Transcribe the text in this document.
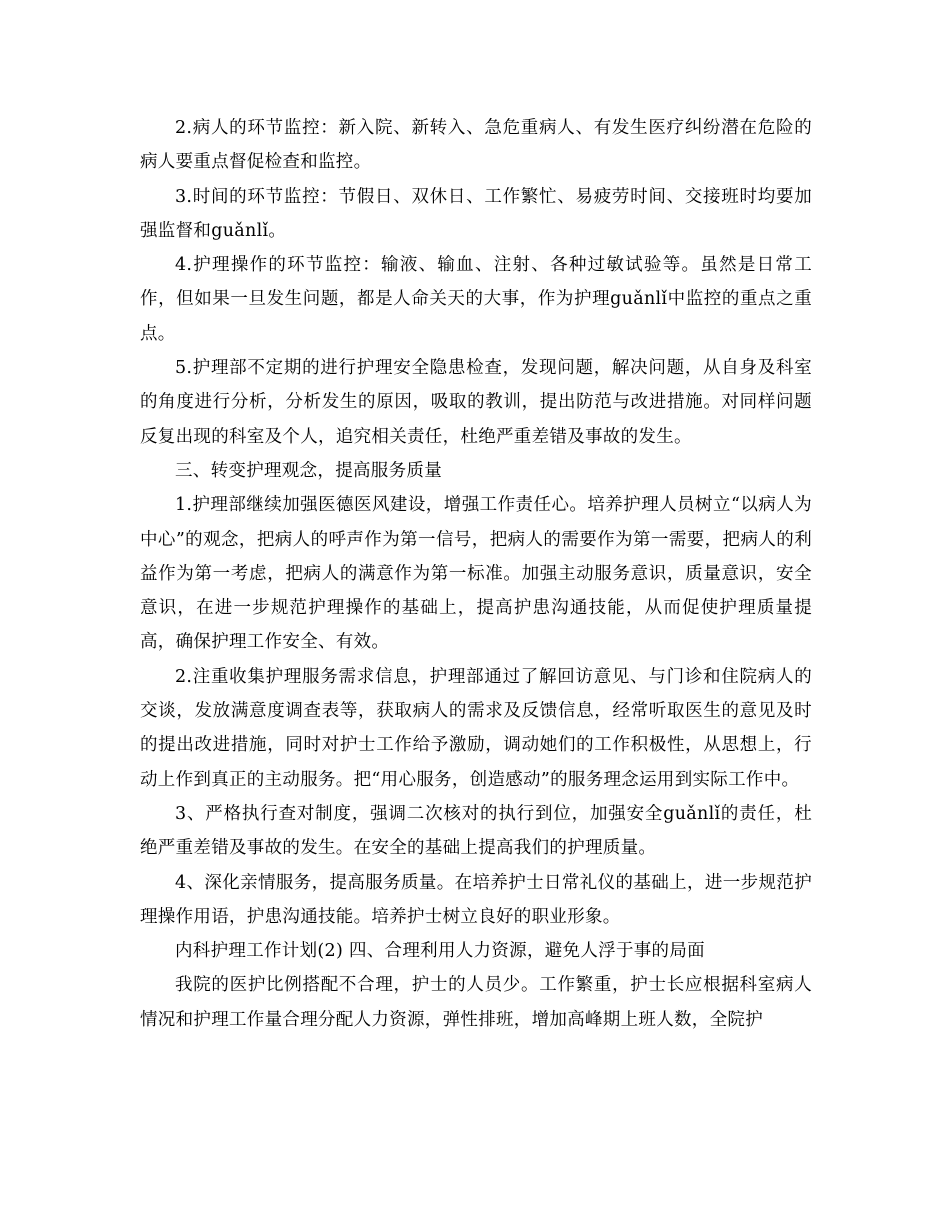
2.病人的环节监控：新入院、新转入、急危重病人、有发生医疗纠纷潜在危险的病人要重点督促检查和监控。

3.时间的环节监控：节假日、双休日、工作繁忙、易疲劳时间、交接班时均要加强监督和guǎnlǐ。

4.护理操作的环节监控：输液、输血、注射、各种过敏试验等。虽然是日常工作，但如果一旦发生问题，都是人命关天的大事，作为护理guǎnlǐ中监控的重点之重点。

5.护理部不定期的进行护理安全隐患检查，发现问题，解决问题，从自身及科室的角度进行分析，分析发生的原因，吸取的教训，提出防范与改进措施。对同样问题反复出现的科室及个人，追究相关责任，杜绝严重差错及事故的发生。

三、转变护理观念，提高服务质量

1.护理部继续加强医德医风建设，增强工作责任心。培养护理人员树立“以病人为中心”的观念，把病人的呼声作为第一信号，把病人的需要作为第一需要，把病人的利益作为第一考虑，把病人的满意作为第一标准。加强主动服务意识，质量意识，安全意识，在进一步规范护理操作的基础上，提高护患沟通技能，从而促使护理质量提高，确保护理工作安全、有效。

2.注重收集护理服务需求信息，护理部通过了解回访意见、与门诊和住院病人的交谈，发放满意度调查表等，获取病人的需求及反馈信息，经常听取医生的意见及时的提出改进措施，同时对护士工作给予激励，调动她们的工作积极性，从思想上，行动上作到真正的主动服务。把“用心服务，创造感动”的服务理念运用到实际工作中。

3、严格执行查对制度，强调二次核对的执行到位，加强安全guǎnlǐ的责任，杜绝严重差错及事故的发生。在安全的基础上提高我们的护理质量。

4、深化亲情服务，提高服务质量。在培养护士日常礼仪的基础上，进一步规范护理操作用语，护患沟通技能。培养护士树立良好的职业形象。

内科护理工作计划(2) 四、合理利用人力资源，避免人浮于事的局面

我院的医护比例搭配不合理，护士的人员少。工作繁重，护士长应根据科室病人情况和护理工作量合理分配人力资源，弹性排班，增加高峰期上班人数，全院护
